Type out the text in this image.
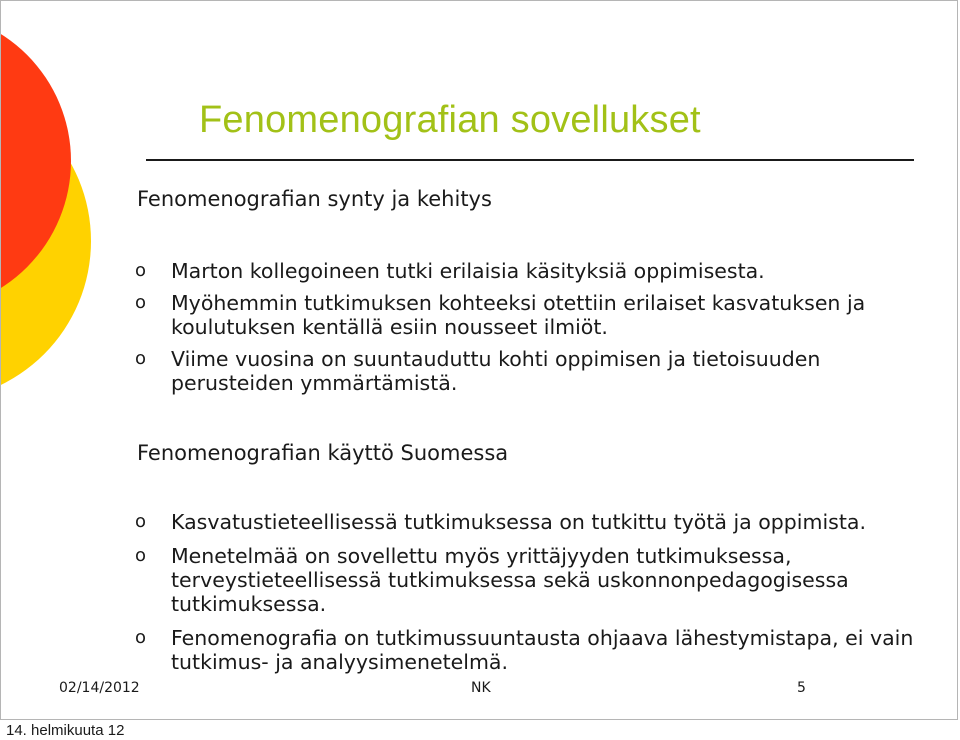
Fenomenografian sovellukset
Fenomenografian synty ja kehitys
o Marton kollegoineen tutki erilaisia käsityksiä oppimisesta.
o Myöhemmin tutkimuksen kohteeksi otettiin erilaiset kasvatuksen ja koulutuksen kentällä esiin nousseet ilmiöt.
o Viime vuosina on suuntauduttu kohti oppimisen ja tietoisuuden perusteiden ymmärtämistä.
Fenomenografian käyttö Suomessa
o Kasvatustieteellisessä tutkimuksessa on tutkittu työtä ja oppimista.
o Menetelmää on sovellettu myös yrittäjyyden tutkimuksessa, terveystieteellisessä tutkimuksessa sekä uskonnonpedagogisessa tutkimuksessa.
o Fenomenografia on tutkimussuuntausta ohjaava lähestymistapa, ei vain tutkimus- ja analyysimenetelmä.
02/14/2012	NK	5
14. helmikuuta 12
